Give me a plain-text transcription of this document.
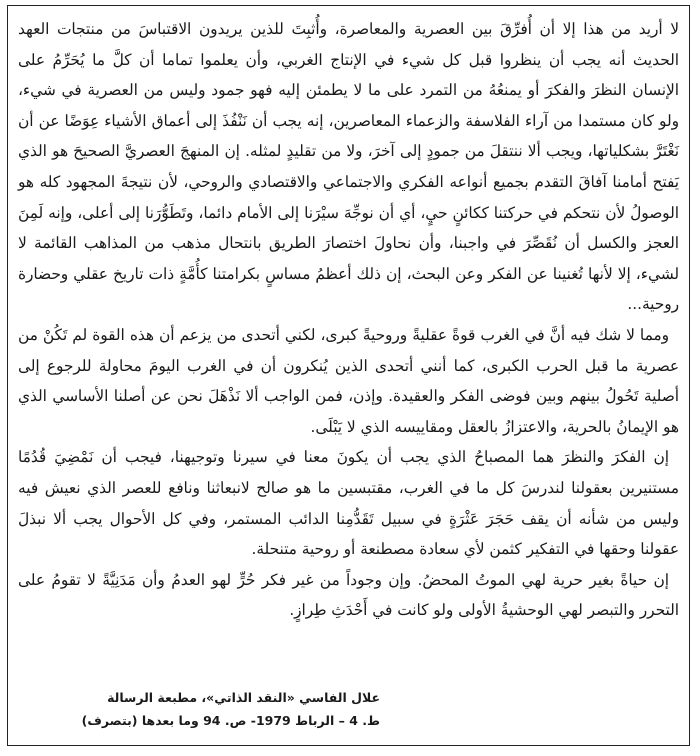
لا أريد من هذا إلا أن أُفرِّقَ بين العصرية والمعاصرة، وأُثبِتَ للذين يريدون الاقتباسَ من منتجات العهد الحديث أنه يجب أن ينظروا قبل كل شيء في الإنتاج الغربي، وأن يعلموا تماما أن كلَّ ما يُحَرِّمُ على الإنسان النظرَ والفكرَ أو يمنعُهُ من التمرد على ما لا يطمئن إليه فهو جمود وليس من العصرية في شيء، ولو كان مستمدا من آراء الفلاسفة والزعماء المعاصرين، إنه يجب أن نَنْفُذَ إلى أعماق الأشياء عِوَضًا عن أن نَغْتَرَّ بشكلياتها، ويجب ألا ننتقلَ من جمودٍ إلى آخرَ، ولا من تقليدٍ لمثله. إن المنهجَ العصريَّ الصحيحَ هو الذي يَفتح أمامنا آفاقَ التقدم بجميع أنواعه الفكري والاجتماعي والاقتصادي والروحي، لأن نتيجةَ المجهود كله هو الوصولُ لأن نتحكم في حركتنا ككائنٍ حيٍ، أي أن نوجِّهَ سيْرَنا إلى الأمام دائما، وتَطَوُّرَنا إلى أعلى، وإنه لَمِنَ العجز والكسل أن نُقَصِّرَ في واجبنا، وأن نحاولَ اختصارَ الطريق بانتحال مذهب من المذاهب القائمة لا لشيء، إلا لأنها تُغنينا عن الفكر وعن البحث، إن ذلك أعظمُ مساسٍ بكرامتنا كأُمَّةٍ ذات تاريخ عقلي وحضارة روحية...

ومما لا شك فيه أنَّ في الغرب قوةً عقليةً وروحيةً كبرى، لكني أتحدى من يزعم أن هذه القوة لم تَكُنْ من عصرية ما قبل الحرب الكبرى، كما أنني أتحدى الذين يُنكرون أن في الغرب اليومَ محاولة للرجوع إلى أصلية تَحُولُ بينهم وبين فوضى الفكر والعقيدة. وإذن، فمن الواجب ألا نَذْهَلَ نحن عن أصلنا الأساسي الذي هو الإيمانُ بالحرية، والاعتزازُ بالعقل ومقاييسه الذي لا يَبْلَى.

إن الفكرَ والنظرَ هما المصباحُ الذي يجب أن يكونَ معنا في سيرنا وتوجيهنا، فيجب أن نَمْضِيَ قُدُمًا مستنيرين بعقولنا لندرسَ كل ما في الغرب، مقتبسين ما هو صالح لانبعاثنا ونافع للعصر الذي نعيش فيه وليس من شأنه أن يقف حَجَرَ عَثْرَةٍ في سبيل تَقَدُّمِنا الدائب المستمر، وفي كل الأحوال يجب ألا نبذلَ عقولنا وحقها في التفكير كثمن لأي سعادة مصطنعة أو روحية متنحلة.

إن حياةً بغير حرية لهي الموتُ المحضُ. وإن وجوداً من غير فكر حُرٍّ لهو العدمُ وأن مَدَنِيَّةً لا تقومُ على التحرر والتبصر لهي الوحشيةُ الأولى ولو كانت في أَحْدَثِ طِرازٍ.

علال الفاسي «النقد الذاتي»، مطبعة الرسالة
ط. 4 – الرباط 1979- ص. 94 وما بعدها (بتصرف)
